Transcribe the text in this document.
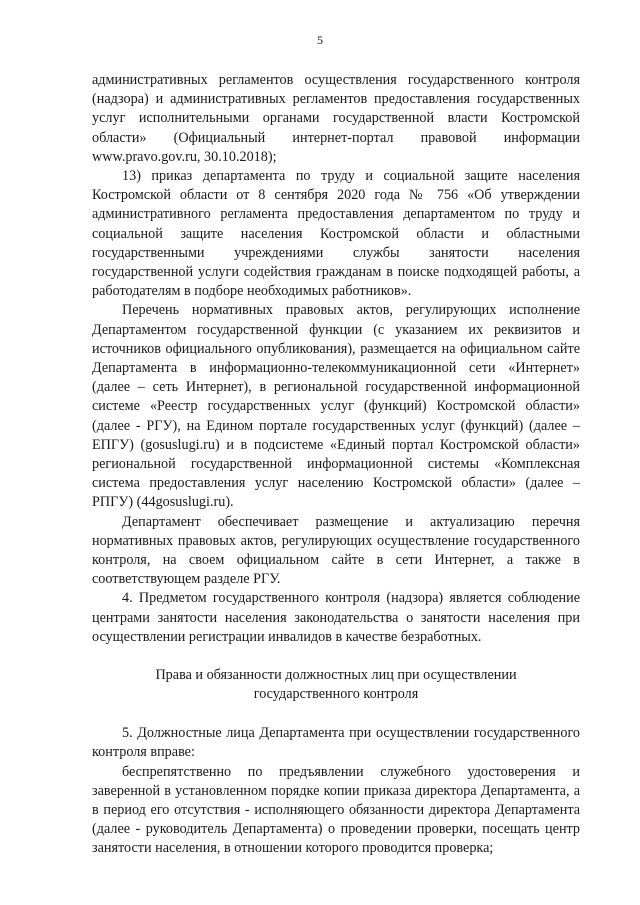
5

административных регламентов осуществления государственного контроля (надзора) и административных регламентов предоставления государственных услуг исполнительными органами государственной власти Костромской области» (Официальный интернет-портал правовой информации www.pravo.gov.ru, 30.10.2018);

13) приказ департамента по труду и социальной защите населения Костромской области от 8 сентября 2020 года № 756 «Об утверждении административного регламента предоставления департаментом по труду и социальной защите населения Костромской области и областными государственными учреждениями службы занятости населения государственной услуги содействия гражданам в поиске подходящей работы, а работодателям в подборе необходимых работников».

Перечень нормативных правовых актов, регулирующих исполнение Департаментом государственной функции (с указанием их реквизитов и источников официального опубликования), размещается на официальном сайте Департамента в информационно-телекоммуникационной сети «Интернет» (далее – сеть Интернет), в региональной государственной информационной системе «Реестр государственных услуг (функций) Костромской области» (далее - РГУ), на Едином портале государственных услуг (функций) (далее – ЕПГУ) (gosuslugi.ru) и в подсистеме «Единый портал Костромской области» региональной государственной информационной системы «Комплексная система предоставления услуг населению Костромской области» (далее – РПГУ) (44gosuslugi.ru).

Департамент обеспечивает размещение и актуализацию перечня нормативных правовых актов, регулирующих осуществление государственного контроля, на своем официальном сайте в сети Интернет, а также в соответствующем разделе РГУ.

4. Предметом государственного контроля (надзора) является соблюдение центрами занятости населения законодательства о занятости населения при осуществлении регистрации инвалидов в качестве безработных.

Права и обязанности должностных лиц при осуществлении
государственного контроля

5. Должностные лица Департамента при осуществлении государственного контроля вправе:

беспрепятственно по предъявлении служебного удостоверения и заверенной в установленном порядке копии приказа директора Департамента, а в период его отсутствия - исполняющего обязанности директора Департамента (далее - руководитель Департамента) о проведении проверки, посещать центр занятости населения, в отношении которого проводится проверка;
